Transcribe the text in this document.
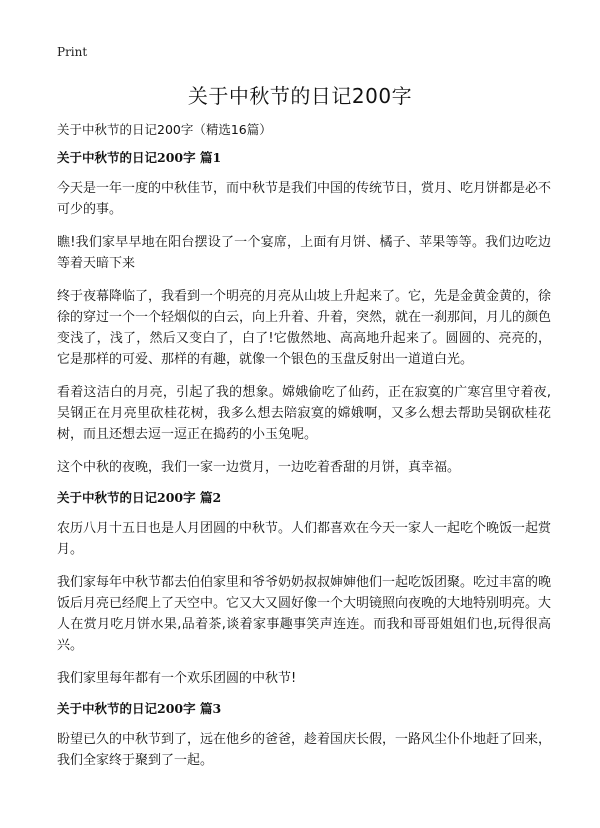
Print
关于中秋节的日记200字

关于中秋节的日记200字（精选16篇）

关于中秋节的日记200字 篇1

今天是一年一度的中秋佳节，而中秋节是我们中国的传统节日，赏月、吃月饼都是必不可少的事。

瞧!我们家早早地在阳台摆设了一个宴席，上面有月饼、橘子、苹果等等。我们边吃边等着天暗下来

终于夜幕降临了，我看到一个明亮的月亮从山坡上升起来了。它，先是金黄金黄的，徐徐的穿过一个一个轻烟似的白云，向上升着、升着，突然，就在一刹那间，月儿的颜色变浅了，浅了，然后又变白了，白了!它傲然地、高高地升起来了。圆圆的、亮亮的，它是那样的可爱、那样的有趣，就像一个银色的玉盘反射出一道道白光。

看着这洁白的月亮，引起了我的想象。嫦娥偷吃了仙药，正在寂寞的广寒宫里守着夜,吴钢正在月亮里砍桂花树，我多么想去陪寂寞的嫦娥啊，又多么想去帮助吴钢砍桂花树，而且还想去逗一逗正在捣药的小玉兔呢。

这个中秋的夜晚，我们一家一边赏月，一边吃着香甜的月饼，真幸福。

关于中秋节的日记200字 篇2

农历八月十五日也是人月团圆的中秋节。人们都喜欢在今天一家人一起吃个晚饭一起赏月。

我们家每年中秋节都去伯伯家里和爷爷奶奶叔叔婶婶他们一起吃饭团聚。吃过丰富的晚饭后月亮已经爬上了天空中。它又大又圆好像一个大明镜照向夜晚的大地特别明亮。大人在赏月吃月饼水果,品着茶,谈着家事趣事笑声连连。而我和哥哥姐姐们也,玩得很高兴。

我们家里每年都有一个欢乐团圆的中秋节!

关于中秋节的日记200字 篇3

盼望已久的中秋节到了，远在他乡的爸爸，趁着国庆长假，一路风尘仆仆地赶了回来，我们全家终于聚到了一起。
